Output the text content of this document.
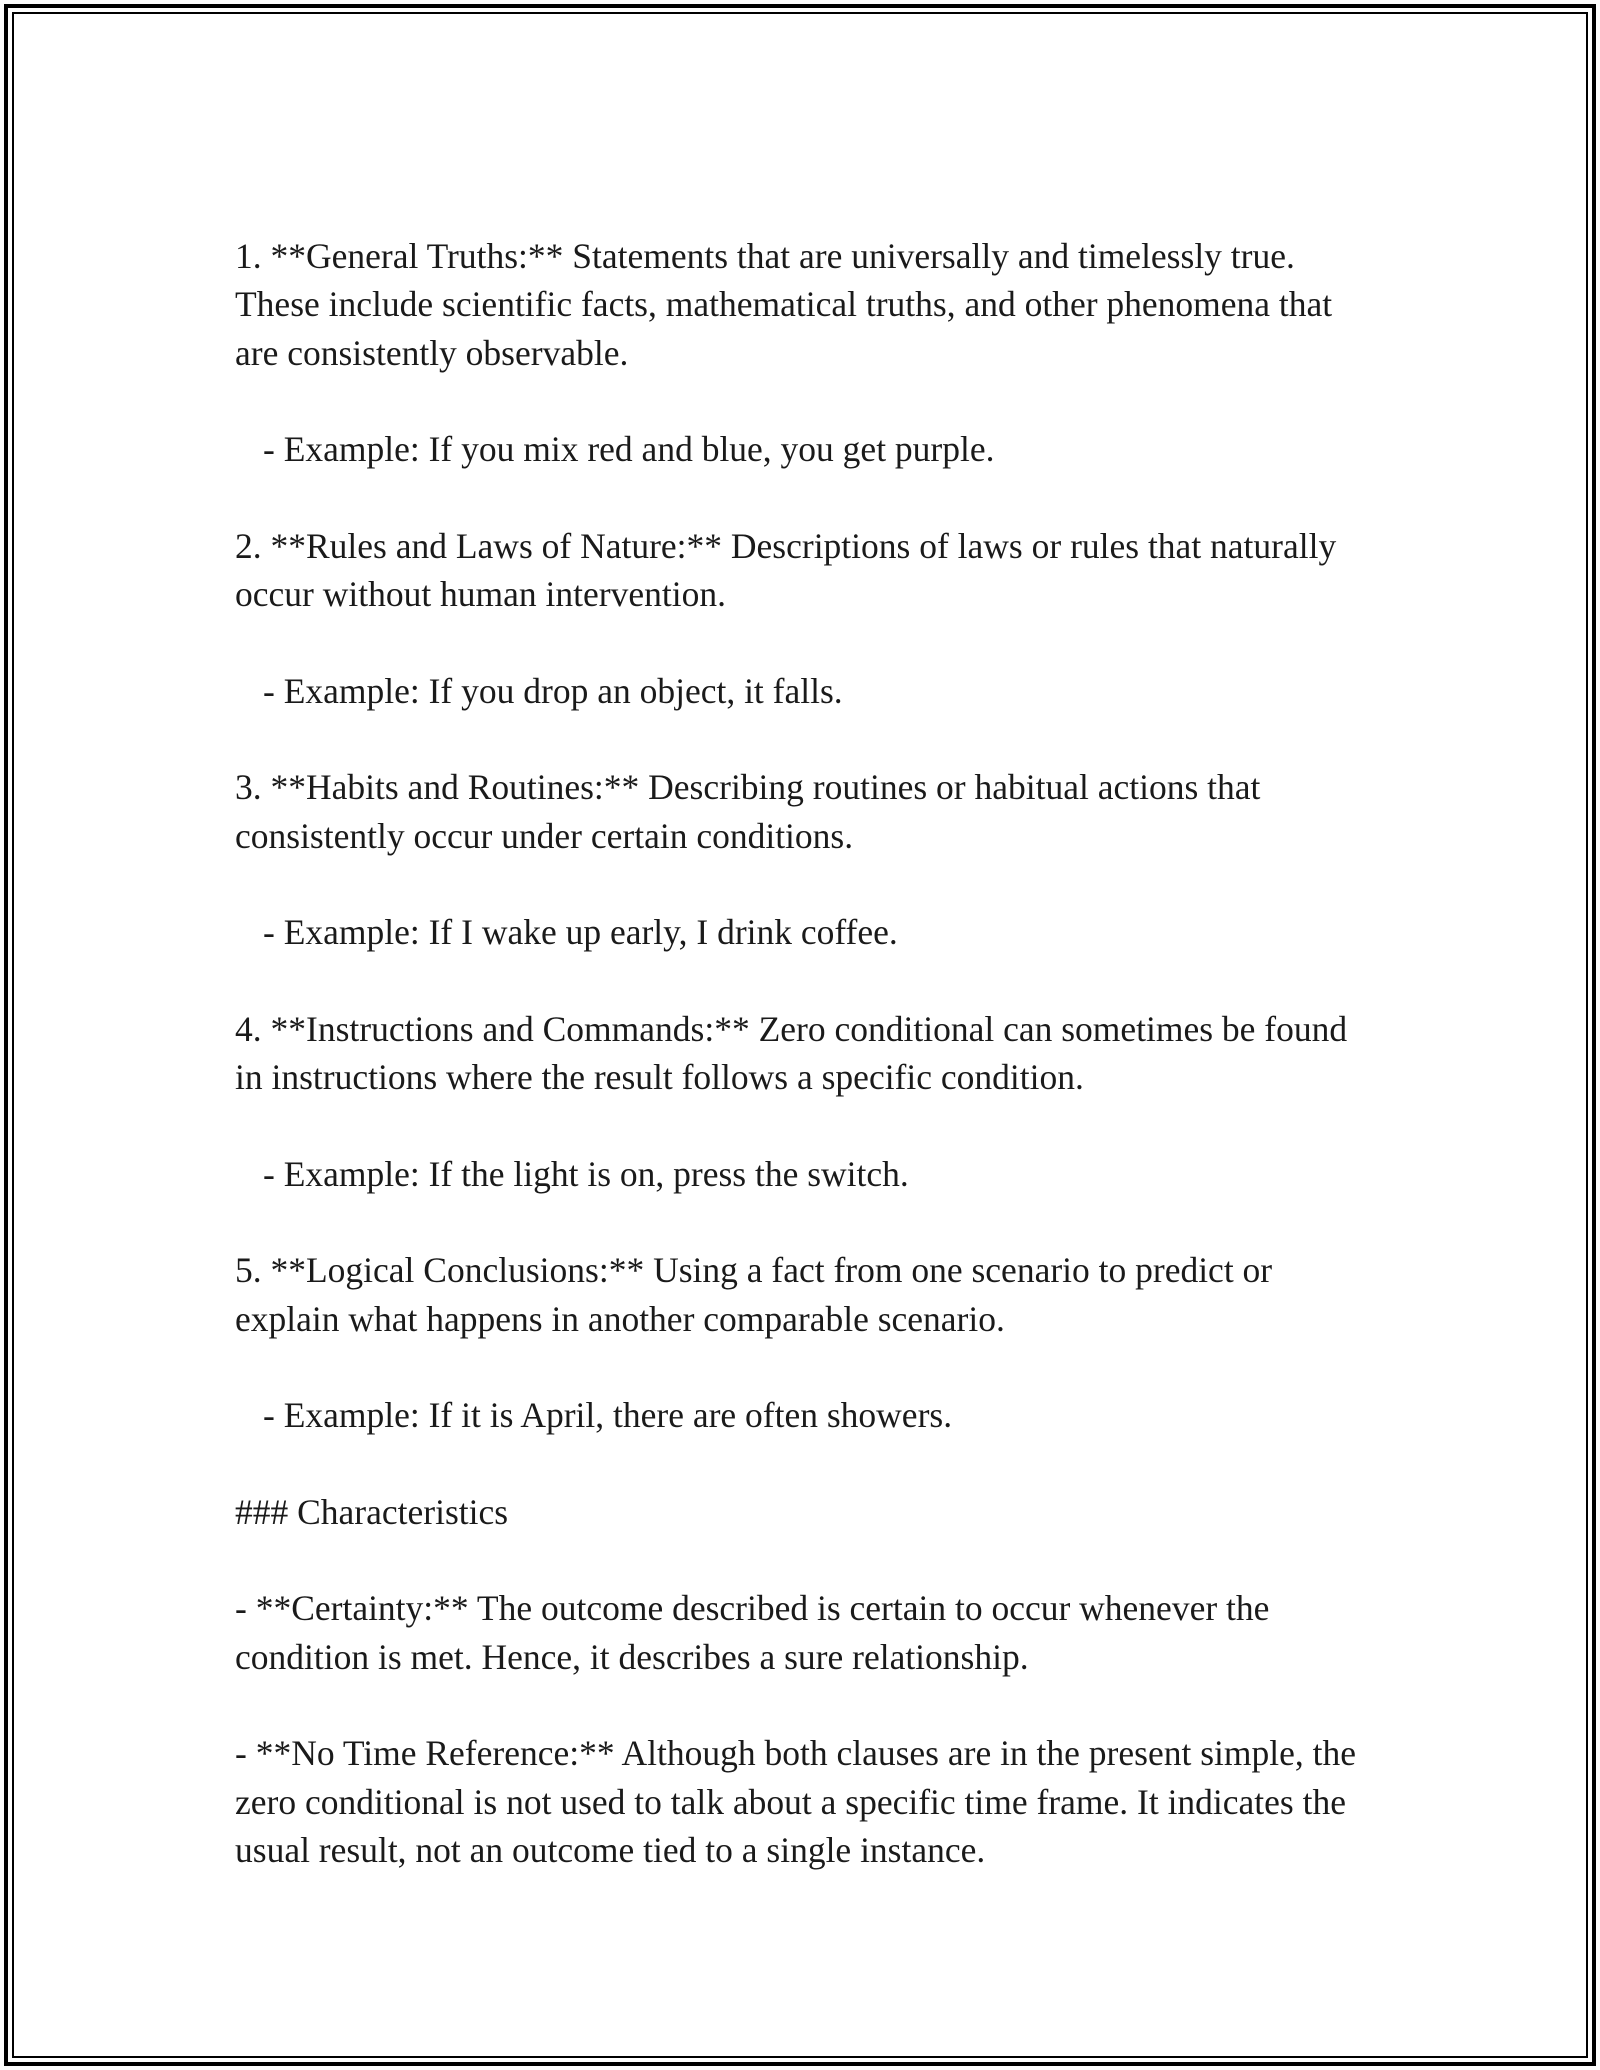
1. **General Truths:** Statements that are universally and timelessly true. These include scientific facts, mathematical truths, and other phenomena that are consistently observable.

- Example: If you mix red and blue, you get purple.

2. **Rules and Laws of Nature:** Descriptions of laws or rules that naturally occur without human intervention.

- Example: If you drop an object, it falls.

3. **Habits and Routines:** Describing routines or habitual actions that consistently occur under certain conditions.

- Example: If I wake up early, I drink coffee.

4. **Instructions and Commands:** Zero conditional can sometimes be found in instructions where the result follows a specific condition.

- Example: If the light is on, press the switch.

5. **Logical Conclusions:** Using a fact from one scenario to predict or explain what happens in another comparable scenario.

- Example: If it is April, there are often showers.

### Characteristics

- **Certainty:** The outcome described is certain to occur whenever the condition is met. Hence, it describes a sure relationship.

- **No Time Reference:** Although both clauses are in the present simple, the zero conditional is not used to talk about a specific time frame. It indicates the usual result, not an outcome tied to a single instance.
